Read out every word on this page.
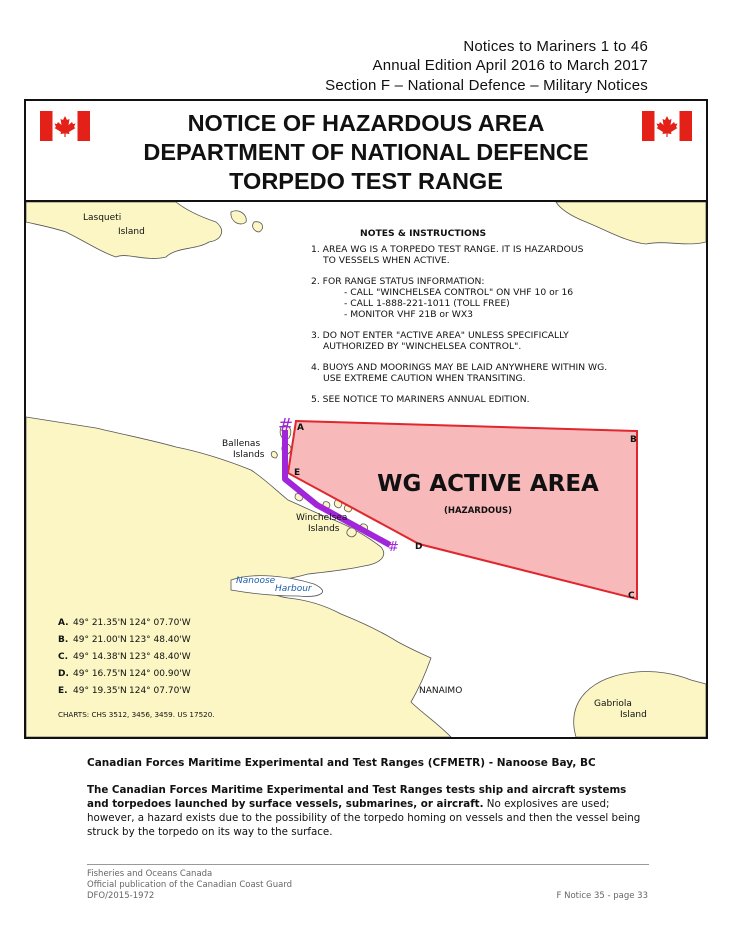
Notices to Mariners 1 to 46
Annual Edition April 2016 to March 2017
Section F – National Defence – Military Notices
NOTICE OF HAZARDOUS AREA
DEPARTMENT OF NATIONAL DEFENCE
TORPEDO TEST RANGE
A
B
C
D
E
#
#
WG ACTIVE AREA
(HAZARDOUS)
Lasqueti
Island
Ballenas
Islands
Winchelsea
Islands
Nanoose
Harbour
NANAIMO
Gabriola
Island
NOTES & INSTRUCTIONS
1. AREA WG IS A TORPEDO TEST RANGE. IT IS HAZARDOUS
TO VESSELS WHEN ACTIVE.
2. FOR RANGE STATUS INFORMATION:
- CALL "WINCHELSEA CONTROL" ON VHF 10 or 16
- CALL 1-888-221-1011 (TOLL FREE)
- MONITOR VHF 21B or WX3
3. DO NOT ENTER "ACTIVE AREA" UNLESS SPECIFICALLY
AUTHORIZED BY "WINCHELSEA CONTROL".
4. BUOYS AND MOORINGS MAY BE LAID ANYWHERE WITHIN WG.
USE EXTREME CAUTION WHEN TRANSITING.
5. SEE NOTICE TO MARINERS ANNUAL EDITION.
A. 49° 21.35'N 124° 07.70'W
B. 49° 21.00'N 123° 48.40'W
C. 49° 14.38'N 123° 48.40'W
D. 49° 16.75'N 124° 00.90'W
E. 49° 19.35'N 124° 07.70'W
CHARTS: CHS 3512, 3456, 3459. US 17520.

Canadian Forces Maritime Experimental and Test Ranges (CFMETR) - Nanoose Bay, BC

The Canadian Forces Maritime Experimental and Test Ranges tests ship and aircraft systems and torpedoes launched by surface vessels, submarines, or aircraft. No explosives are used; however, a hazard exists due to the possibility of the torpedo homing on vessels and then the vessel being struck by the torpedo on its way to the surface.

Fisheries and Oceans Canada
Official publication of the Canadian Coast Guard
DFO/2015-1972	F Notice 35 - page 33
